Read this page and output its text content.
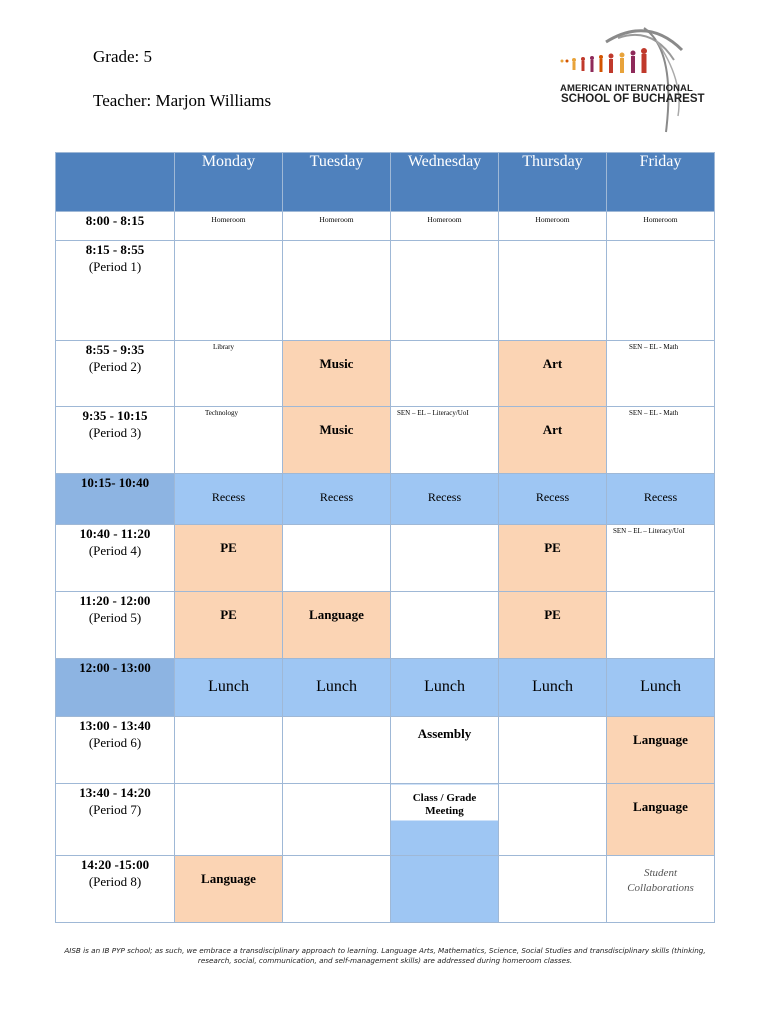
Grade: 5
Teacher: Marjon Williams
AMERICAN INTERNATIONAL
SCHOOL OF BUCHAREST
	Monday	Tuesday	Wednesday	Thursday	Friday
8:00 - 8:15	Homeroom	Homeroom	Homeroom	Homeroom	Homeroom

8:15 - 8:55
(Period 1)					
8:55 - 9:35
(Period 2)	Library	Music		Art	SEN – EL - Math

9:35 - 10:15
(Period 3)	Technology	Music	SEN – EL – Literacy/UoI	Art	SEN – EL - Math

10:15- 10:40	Recess	Recess	Recess	Recess	Recess

10:40 - 11:20
(Period 4)	PE			PE	SEN – EL – Literacy/UoI

11:20 - 12:00
(Period 5)	PE	Language		PE	

12:00 - 13:00	Lunch	Lunch	Lunch	Lunch	Lunch

13:00 - 13:40
(Period 6)			Assembly		Language

13:40 - 14:20
(Period 7)			Class / Grade Meeting		Language

14:20 -15:00
(Period 8)	Language				Student Collaborations
AISB is an IB PYP school; as such, we embrace a transdisciplinary approach to learning. Language Arts, Mathematics, Science, Social Studies and transdisciplinary skills (thinking, research, social, communication, and self-management skills) are addressed during homeroom classes.
